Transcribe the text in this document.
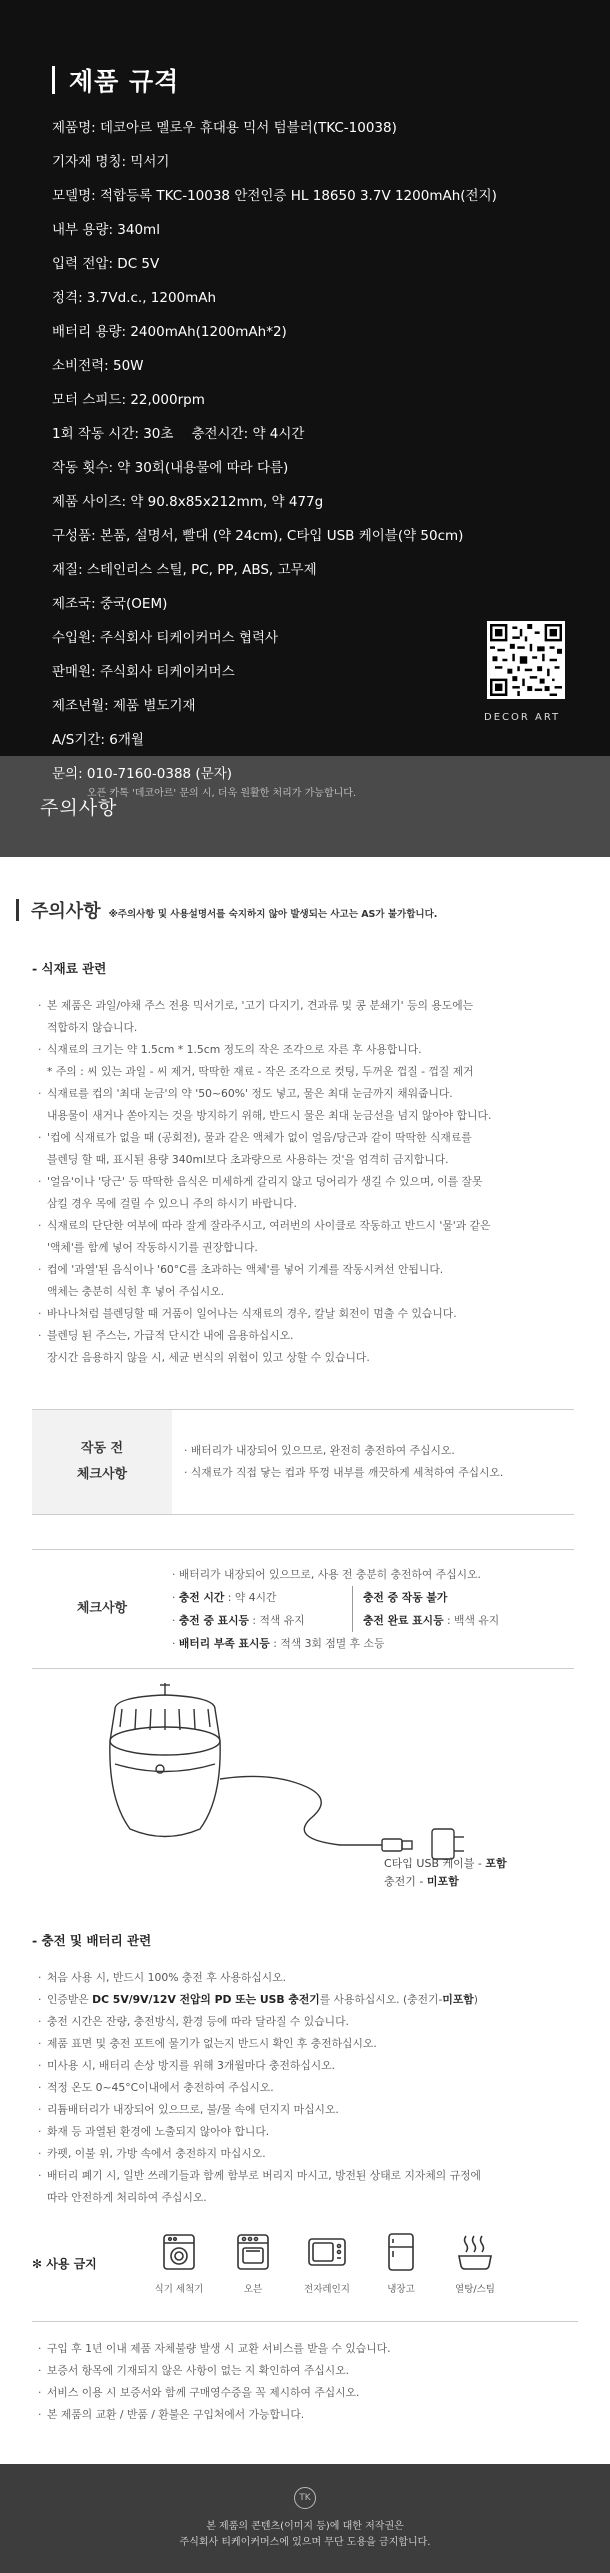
제품 규격
제품명: 데코아르 멜로우 휴대용 믹서 텀블러(TKC-10038)
기자재 명칭: 믹서기
모델명: 적합등록 TKC-10038 안전인증 HL 18650 3.7V 1200mAh(전지)
내부 용량: 340ml
입력 전압: DC 5V
정격: 3.7Vd.c., 1200mAh
배터리 용량: 2400mAh(1200mAh*2)
소비전력: 50W
모터 스피드: 22,000rpm
1회 작동 시간: 30초 충전시간: 약 4시간
작동 횟수: 약 30회(내용물에 따라 다름)
제품 사이즈: 약 90.8x85x212mm, 약 477g
구성품: 본품, 설명서, 빨대 (약 24cm), C타입 USB 케이블(약 50cm)
재질: 스테인리스 스틸, PC, PP, ABS, 고무제
제조국: 중국(OEM)
수입원: 주식회사 티케이커머스 협력사
판매원: 주식회사 티케이커머스
제조년월: 제품 별도기재
A/S기간: 6개월
문의: 010-7160-0388 (문자)
오픈 카톡 '데코아르' 문의 시, 더욱 원활한 처리가 가능합니다.
DECOR ART
주의사항
주의사항 ※주의사항 및 사용설명서를 숙지하지 않아 발생되는 사고는 AS가 불가합니다.
- 식재료 관련
· 본 제품은 과일/야채 주스 전용 믹서기로, '고기 다지기, 견과류 및 콩 분쇄기' 등의 용도에는
적합하지 않습니다.
· 식재료의 크기는 약 1.5cm * 1.5cm 정도의 작은 조각으로 자른 후 사용합니다.
* 주의 : 씨 있는 과일 - 씨 제거, 딱딱한 재료 - 작은 조각으로 컷팅, 두꺼운 껍질 - 껍질 제거
· 식재료를 컵의 '최대 눈금'의 약 '50~60%' 정도 넣고, 물은 최대 눈금까지 채워줍니다.
내용물이 새거나 쏟아지는 것을 방지하기 위해, 반드시 물은 최대 눈금선을 넘지 않아야 합니다.
· '컵에 식재료가 없을 때 (공회전), 물과 같은 액체가 없이 얼음/당근과 같이 딱딱한 식재료를
블렌딩 할 때, 표시된 용량 340ml보다 초과량으로 사용하는 것'을 엄격히 금지합니다.
· '얼음'이나 '당근' 등 딱딱한 음식은 미세하게 갈리지 않고 덩어리가 생길 수 있으며, 이를 잘못
삼킬 경우 목에 걸릴 수 있으니 주의 하시기 바랍니다.
· 식재료의 단단한 여부에 따라 잘게 잘라주시고, 여러번의 사이클로 작동하고 반드시 '물'과 같은
'액체'를 함께 넣어 작동하시기를 권장합니다.
· 컵에 '과열'된 음식이나 '60°C를 초과하는 액체'를 넣어 기계를 작동시켜선 안됩니다.
액체는 충분히 식힌 후 넣어 주십시오.
· 바나나처럼 블렌딩할 때 거품이 일어나는 식재료의 경우, 칼날 회전이 멈출 수 있습니다.
· 블렌딩 된 주스는, 가급적 단시간 내에 음용하십시오.
장시간 음용하지 않을 시, 세균 번식의 위험이 있고 상할 수 있습니다.
작동 전
체크사항

· 배터리가 내장되어 있으므로, 완전히 충전하여 주십시오.

· 식재료가 직접 닿는 컵과 뚜껑 내부를 깨끗하게 세척하여 주십시오.

체크사항
· 배터리가 내장되어 있으므로, 사용 전 충분히 충전하여 주십시오.
· 충전 시간 : 약 4시간	충전 중 작동 불가
· 충전 중 표시등 : 적색 유지	충전 완료 표시등 : 백색 유지
· 배터리 부족 표시등 : 적색 3회 점멸 후 소등
C타입 USB 케이블 - 포함
충전기 - 미포함
- 충전 및 배터리 관련
· 처음 사용 시, 반드시 100% 충전 후 사용하십시오.
· 인증받은 DC 5V/9V/12V 전압의 PD 또는 USB 충전기를 사용하십시오. (충전기-미포함)
· 충전 시간은 잔량, 충전방식, 환경 등에 따라 달라질 수 있습니다.
· 제품 표면 및 충전 포트에 물기가 없는지 반드시 확인 후 충전하십시오.
· 미사용 시, 배터리 손상 방지를 위해 3개월마다 충전하십시오.
· 적정 온도 0~45°C이내에서 충전하여 주십시오.
· 리튬배터리가 내장되어 있으므로, 불/물 속에 던지지 마십시오.
· 화재 등 과열된 환경에 노출되지 않아야 합니다.
· 카펫, 이불 위, 가방 속에서 충전하지 마십시오.
· 배터리 폐기 시, 일반 쓰레기들과 함께 함부로 버리지 마시고, 방전된 상태로 지자체의 규정에
따라 안전하게 처리하여 주십시오.
✻ 사용 금지
식기 세척기	오븐	전자레인지	냉장고	열탕/스팀
· 구입 후 1년 이내 제품 자체불량 발생 시 교환 서비스를 받을 수 있습니다.
· 보증서 항목에 기재되지 않은 사항이 없는 지 확인하여 주십시오.
· 서비스 이용 시 보증서와 함께 구매영수증을 꼭 제시하여 주십시오.
· 본 제품의 교환 / 반품 / 환불은 구입처에서 가능합니다.
TK

본 제품의 콘텐츠(이미지 등)에 대한 저작권은

주식회사 티케이커머스에 있으며 무단 도용을 금지합니다.
